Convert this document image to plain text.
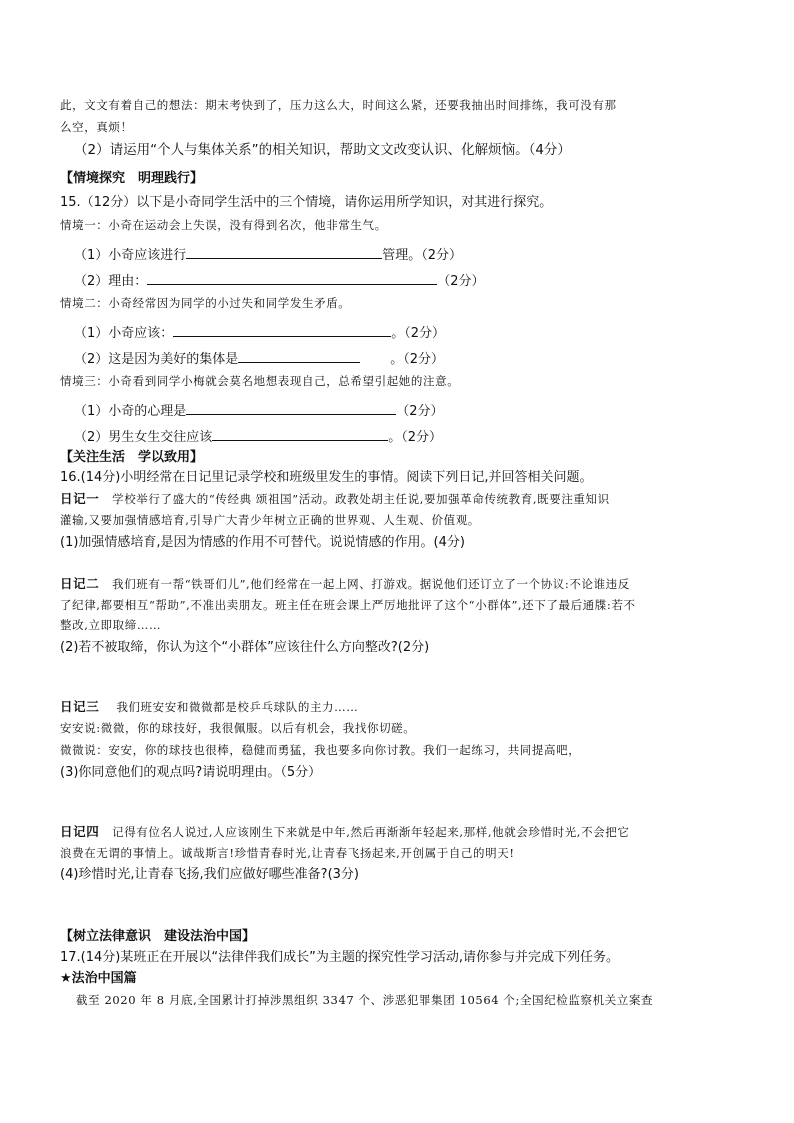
此，文文有着自己的想法：期末考快到了，压力这么大，时间这么紧，还要我抽出时间排练，我可没有那
么空，真烦！
（2）请运用“个人与集体关系”的相关知识，帮助文文改变认识、化解烦恼。（4分）
【情境探究　明理践行】
15.（12分）以下是小奇同学生活中的三个情境，请你运用所学知识，对其进行探究。
情境一：小奇在运动会上失误，没有得到名次，他非常生气。
（1）小奇应该进行	管理。（2分）
（2）理由：	（2分）
情境二：小奇经常因为同学的小过失和同学发生矛盾。
（1）小奇应该：	。（2分）
（2）这是因为美好的集体是	。（2分）
情境三：小奇看到同学小梅就会莫名地想表现自己，总希望引起她的注意。
（1）小奇的心理是	（2分）
（2）男生女生交往应该	。（2分）
【关注生活　学以致用】
16.(14分)小明经常在日记里记录学校和班级里发生的事情。阅读下列日记,并回答相关问题。
日记一 学校举行了盛大的“传经典 颂祖国”活动。政教处胡主任说,要加强革命传统教育,既要注重知识
灌输,又要加强情感培育,引导广大青少年树立正确的世界观、人生观、价值观。
(1)加强情感培育,是因为情感的作用不可替代。说说情感的作用。(4分)
日记二 我们班有一帮“铁哥们儿”,他们经常在一起上网、打游戏。据说他们还订立了一个协议:不论谁违反
了纪律,都要相互“帮助”,不准出卖朋友。班主任在班会课上严厉地批评了这个“小群体”,还下了最后通牒:若不
整改,立即取缔……
(2)若不被取缔，你认为这个“小群体”应该往什么方向整改?(2分)
日记三 我们班安安和微微都是校乒乓球队的主力……
安安说:微微，你的球技好，我很佩服。以后有机会，我找你切磋。
微微说：安安，你的球技也很棒，稳健而勇猛，我也要多向你讨教。我们一起练习，共同提高吧，
(3)你同意他们的观点吗?请说明理由。（5分）
日记四 记得有位名人说过,人应该刚生下来就是中年,然后再渐渐年轻起来,那样,他就会珍惜时光,不会把它
浪费在无谓的事情上。诚哉斯言!珍惜青春时光,让青春飞扬起来,开创属于自己的明天!
(4)珍惜时光,让青春飞扬,我们应做好哪些准备?(3分)
【树立法律意识　建设法治中国】
17.(14分)某班正在开展以“法律伴我们成长”为主题的探究性学习活动,请你参与并完成下列任务。
★法治中国篇
截至 2020 年 8 月底,全国累计打掉涉黑组织 3347 个、涉恶犯罪集团 10564 个;全国纪检监察机关立案查
